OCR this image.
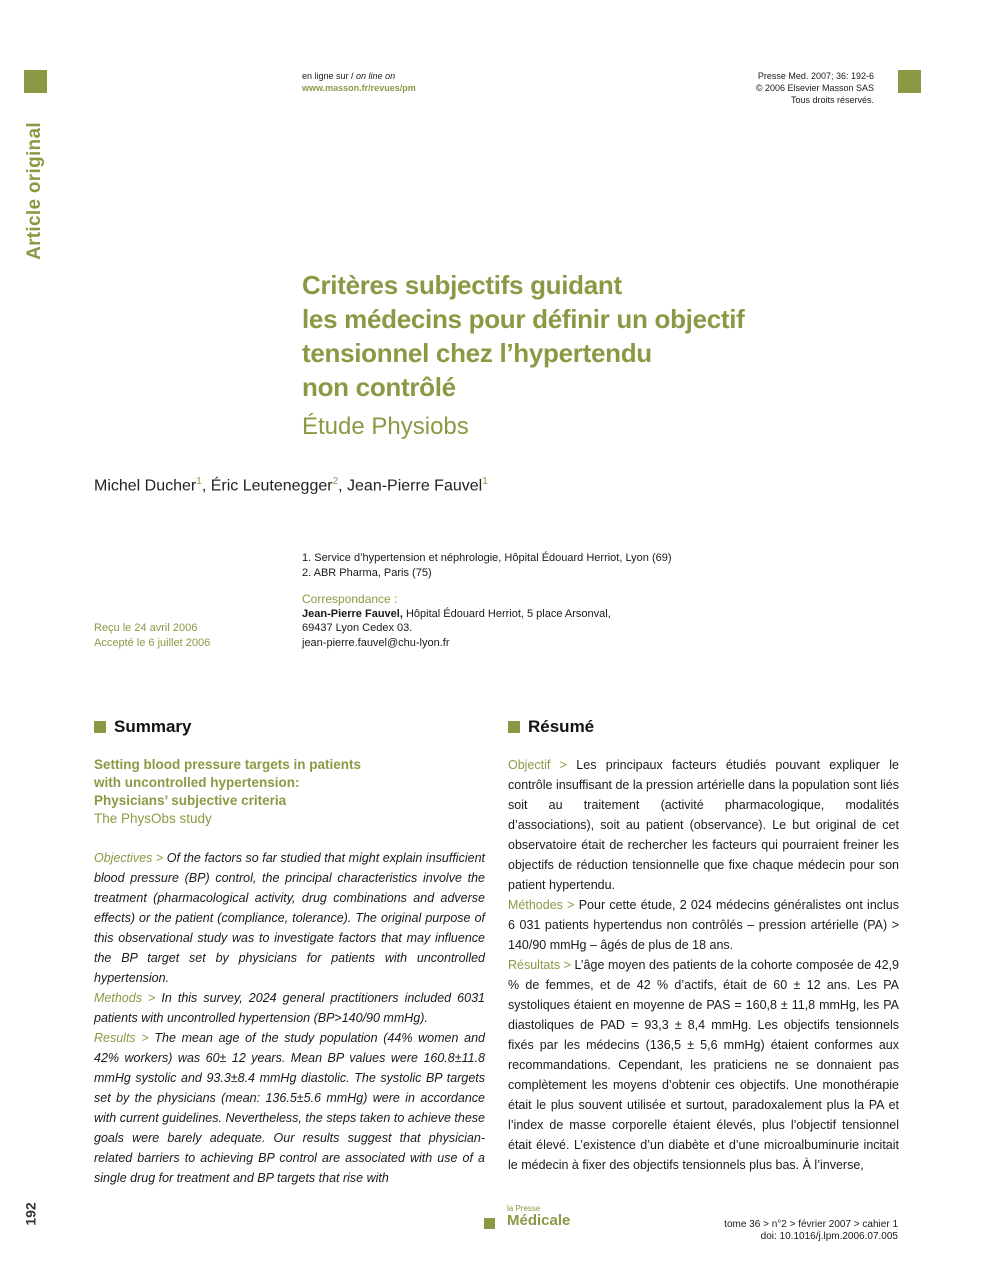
Article original
192
en ligne sur / on line on
www.masson.fr/revues/pm
Presse Med. 2007; 36: 192-6
© 2006 Elsevier Masson SAS
Tous droits réservés.
Critères subjectifs guidant
les médecins pour définir un objectif
tensionnel chez l’hypertendu
non contrôlé
Étude Physiobs
Michel Ducher$^1$, Éric Leutenegger$^2$, Jean-Pierre Fauvel$^1$
1. Service d’hypertension et néphrologie, Hôpital Édouard Herriot, Lyon (69)
2. ABR Pharma, Paris (75)
Correspondance :
Jean-Pierre Fauvel, Hôpital Édouard Herriot, 5 place Arsonval,
69437 Lyon Cedex 03.
jean-pierre.fauvel@chu-lyon.fr
Reçu le 24 avril 2006
Accepté le 6 juillet 2006
Summary
Setting blood pressure targets in patients
with uncontrolled hypertension:
Physicians’ subjective criteria
The PhysObs study
Objectives > Of the factors so far studied that might explain insufficient blood pressure (BP) control, the principal characteristics involve the treatment (pharmacological activity, drug combinations and adverse effects) or the patient (compliance, tolerance). The original purpose of this observational study was to investigate factors that may influence the BP target set by physicians for patients with uncontrolled hypertension.
Methods > In this survey, 2024 general practitioners included 6031 patients with uncontrolled hypertension (BP>140/90 mmHg).
Results > The mean age of the study population (44% women and 42% workers) was 60± 12 years. Mean BP values were 160.8±11.8 mmHg systolic and 93.3±8.4 mmHg diastolic. The systolic BP targets set by the physicians (mean: 136.5±5.6 mmHg) were in accordance with current guidelines. Nevertheless, the steps taken to achieve these goals were barely adequate. Our results suggest that physician-related barriers to achieving BP control are associated with use of a single drug for treatment and BP targets that rise with
Résumé
Objectif > Les principaux facteurs étudiés pouvant expliquer le contrôle insuffisant de la pression artérielle dans la population sont liés soit au traitement (activité pharmacologique, modalités d’associations), soit au patient (observance). Le but original de cet observatoire était de rechercher les facteurs qui pourraient freiner les objectifs de réduction tensionnelle que fixe chaque médecin pour son patient hypertendu.
Méthodes > Pour cette étude, 2 024 médecins généralistes ont inclus 6 031 patients hypertendus non contrôlés – pression artérielle (PA) > 140/90 mmHg – âgés de plus de 18 ans.
Résultats > L’âge moyen des patients de la cohorte composée de 42,9 % de femmes, et de 42 % d’actifs, était de 60 ± 12 ans. Les PA systoliques étaient en moyenne de PAS = 160,8 ± 11,8 mmHg, les PA diastoliques de PAD = 93,3 ± 8,4 mmHg. Les objectifs tensionnels fixés par les médecins (136,5 ± 5,6 mmHg) étaient conformes aux recommandations. Cependant, les praticiens ne se donnaient pas complètement les moyens d’obtenir ces objectifs. Une monothérapie était le plus souvent utilisée et surtout, paradoxalement plus la PA et l’index de masse corporelle étaient élevés, plus l’objectif tensionnel était élevé. L’existence d’un diabète et d’une microalbuminurie incitait le médecin à fixer des objectifs tensionnels plus bas. À l’inverse,
la Presse
Médicale	tome 36 > n°2 > février 2007 > cahier 1
doi: 10.1016/j.lpm.2006.07.005
